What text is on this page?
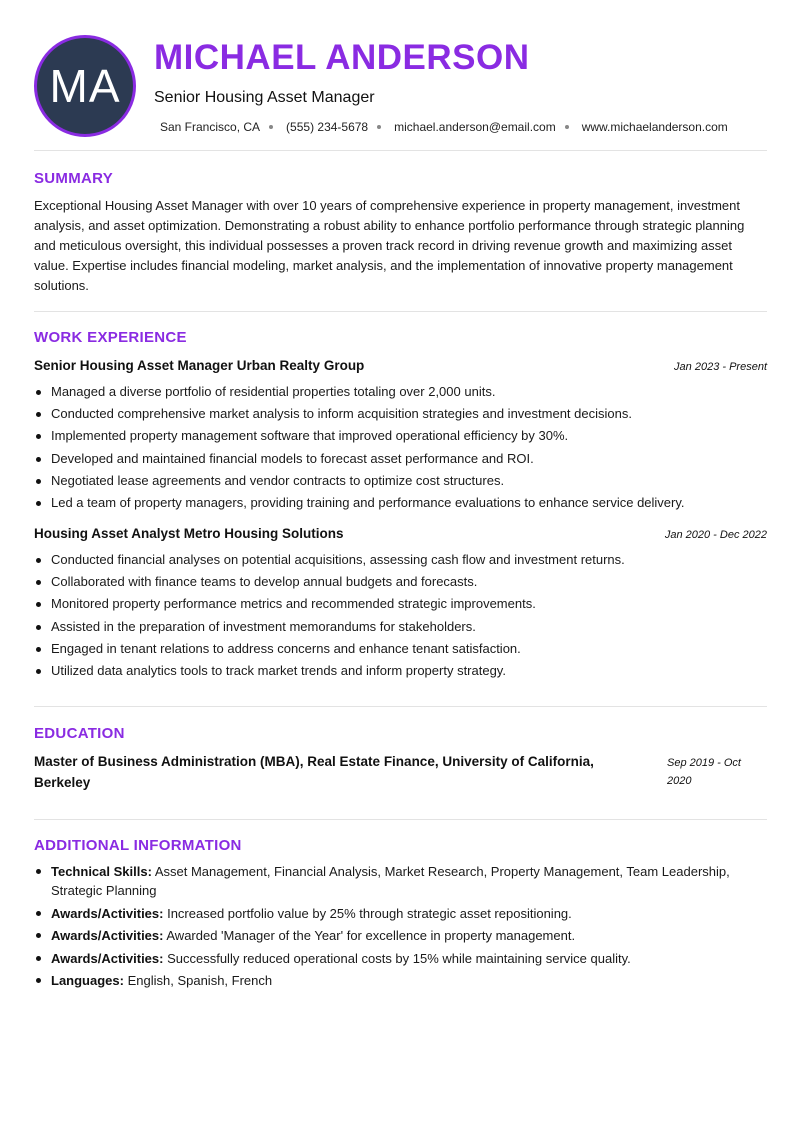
MA
MICHAEL ANDERSON
Senior Housing Asset Manager
San Francisco, CA (555) 234-5678 michael.anderson@email.com www.michaelanderson.com
SUMMARY
Exceptional Housing Asset Manager with over 10 years of comprehensive experience in property management, investment analysis, and asset optimization. Demonstrating a robust ability to enhance portfolio performance through strategic planning and meticulous oversight, this individual possesses a proven track record in driving revenue growth and maximizing asset value. Expertise includes financial modeling, market analysis, and the implementation of innovative property management solutions.
WORK EXPERIENCE
Senior Housing Asset Manager Urban Realty Group	Jan 2023 - Present
Managed a diverse portfolio of residential properties totaling over 2,000 units.
Conducted comprehensive market analysis to inform acquisition strategies and investment decisions.
Implemented property management software that improved operational efficiency by 30%.
Developed and maintained financial models to forecast asset performance and ROI.
Negotiated lease agreements and vendor contracts to optimize cost structures.
Led a team of property managers, providing training and performance evaluations to enhance service delivery.
Housing Asset Analyst Metro Housing Solutions	Jan 2020 - Dec 2022
Conducted financial analyses on potential acquisitions, assessing cash flow and investment returns.
Collaborated with finance teams to develop annual budgets and forecasts.
Monitored property performance metrics and recommended strategic improvements.
Assisted in the preparation of investment memorandums for stakeholders.
Engaged in tenant relations to address concerns and enhance tenant satisfaction.
Utilized data analytics tools to track market trends and inform property strategy.
EDUCATION
Master of Business Administration (MBA), Real Estate Finance, University of California, Berkeley
Sep 2019 - Oct 2020
ADDITIONAL INFORMATION
Technical Skills: Asset Management, Financial Analysis, Market Research, Property Management, Team Leadership, Strategic Planning
Awards/Activities: Increased portfolio value by 25% through strategic asset repositioning.
Awards/Activities: Awarded 'Manager of the Year' for excellence in property management.
Awards/Activities: Successfully reduced operational costs by 15% while maintaining service quality.
Languages: English, Spanish, French
